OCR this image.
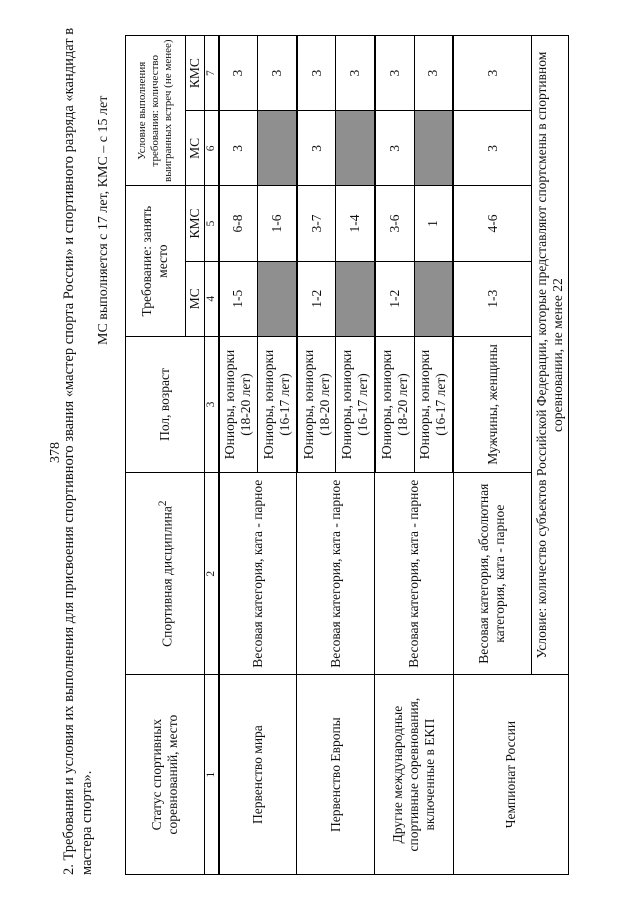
378
2. Требования и условия их выполнения для присвоения спортивного звания «мастер спорта России» и спортивного разряда «кандидат в мастера спорта».
МС выполняется с 17 лет, КМС – с 15 лет
Статус спортивных соревнований, место	Спортивная дисциплина$^2$	Пол, возраст	Требование: занять место		Условие выполнения требования: количество выигранных встреч (не менее)	
			МС	КМС	МС	КМС
1	2	3	4	5	6	7
Первенство мира	Весовая категория, ката - парное	Юниоры, юниорки (18-20 лет)	1-5	6-8	3	3
		Юниоры, юниорки (16-17 лет)		1-6		3
Первенство Европы	Весовая категория, ката - парное	Юниоры, юниорки (18-20 лет)	1-2	3-7	3	3
		Юниоры, юниорки (16-17 лет)		1-4		3
Другие международные спортивные соревнования, включенные в ЕКП	Весовая категория, ката - парное	Юниоры, юниорки (18-20 лет)	1-2	3-6	3	3
		Юниоры, юниорки (16-17 лет)		1		3
Чемпионат России	Весовая категория, абсолютная категория, ката - парное	Мужчины, женщины	1-3	4-6	3	3
	Условие: количество субъектов Российской Федерации, которые представляют спортсмены в спортивном соревновании, не менее 22					
